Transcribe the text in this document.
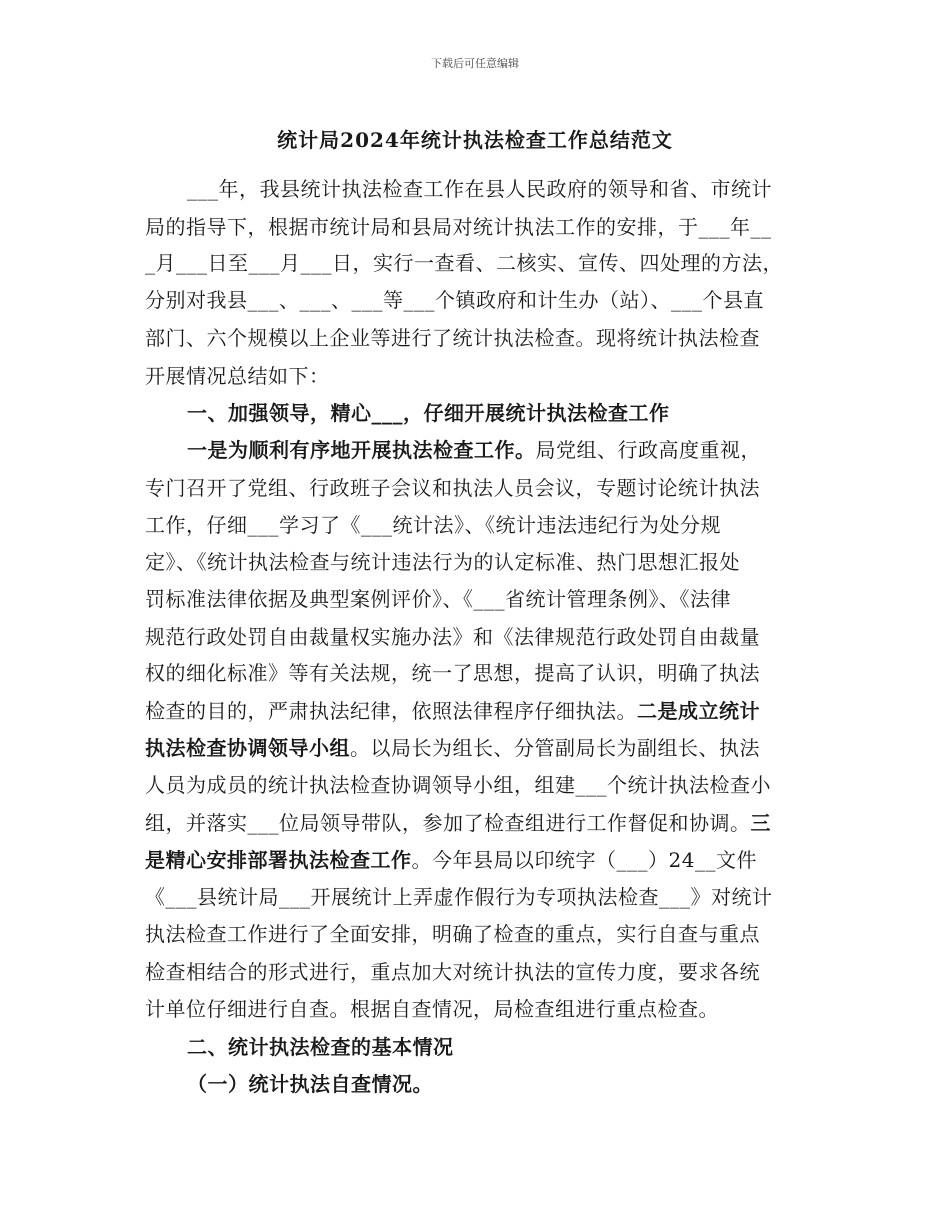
下载后可任意编辑
统计局2024年统计执法检查工作总结范文
___年，我县统计执法检查工作在县人民政府的领导和省、市统计
局的指导下，根据市统计局和县局对统计执法工作的安排，于___年__
_月___日至___月___日，实行一查看、二核实、宣传、四处理的方法，
分别对我县___、___、___等___个镇政府和计生办（站）、___个县直
部门、六个规模以上企业等进行了统计执法检查。现将统计执法检查
开展情况总结如下：
一、加强领导，精心___，仔细开展统计执法检查工作
一是为顺利有序地开展执法检查工作。局党组、行政高度重视，
专门召开了党组、行政班子会议和执法人员会议，专题讨论统计执法
工作，仔细___学习了《___统计法》、《统计违法违纪行为处分规
定》、《统计执法检查与统计违法行为的认定标准、热门思想汇报处
罚标准法律依据及典型案例评价》、《___省统计管理条例》、《法律
规范行政处罚自由裁量权实施办法》和《法律规范行政处罚自由裁量
权的细化标准》等有关法规，统一了思想，提高了认识，明确了执法
检查的目的，严肃执法纪律，依照法律程序仔细执法。二是成立统计
执法检查协调领导小组。以局长为组长、分管副局长为副组长、执法
人员为成员的统计执法检查协调领导小组，组建___个统计执法检查小
组，并落实___位局领导带队，参加了检查组进行工作督促和协调。三
是精心安排部署执法检查工作。今年县局以印统字（___）24__文件
《___县统计局___开展统计上弄虚作假行为专项执法检查___》对统计
执法检查工作进行了全面安排，明确了检查的重点，实行自查与重点
检查相结合的形式进行，重点加大对统计执法的宣传力度，要求各统
计单位仔细进行自查。根据自查情况，局检查组进行重点检查。
二、统计执法检查的基本情况
（一）统计执法自查情况。
